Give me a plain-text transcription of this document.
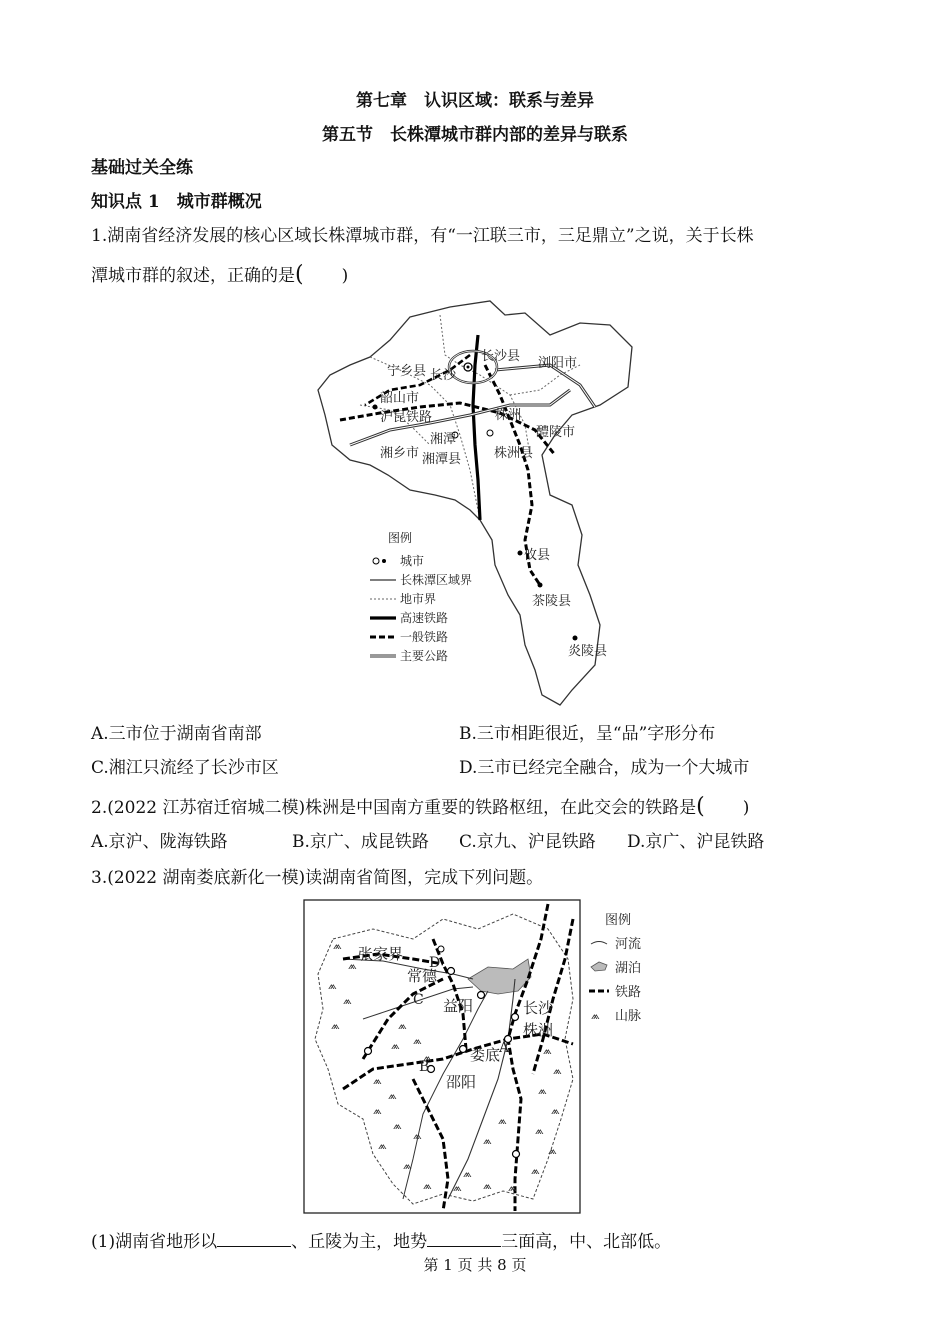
第七章　认识区域：联系与差异
第五节　长株潭城市群内部的差异与联系
基础过关全练
知识点 1　城市群概况
1.湖南省经济发展的核心区域长株潭城市群，有“一江联三市，三足鼎立”之说，关于长株
潭城市群的叙述，正确的是( )
长沙县 浏阳市
宁乡县 长沙
韶山市
沪昆铁路	株洲
醴陵市
湘潭
株洲县
湘乡市 湘潭县
攸县
茶陵县
炎陵县
图例
城市
长株潭区域界
地市界
高速铁路
一般铁路
主要公路
A.三市位于湖南省南部	B.三市相距很近，呈“品”字形分布
C.湘江只流经了长沙市区	D.三市已经完全融合，成为一个大城市
2.(2022 江苏宿迁宿城二模)株洲是中国南方重要的铁路枢纽，在此交会的铁路是( )
A.京沪、陇海铁路	B.京广、成昆铁路 C.京九、沪昆铁路 D.京广、沪昆铁路
3.(2022 湖南娄底新化一模)读湖南省简图，完成下列问题。
⩕
⩕
⩕
⩕
⩕	⩕
⩕
⩕
⩕
⩕
⩕
⩕
⩕
⩕
⩕
⩕
⩕
⩕
⩕
⩕
⩕
⩕
⩕
⩕
⩕
⩕
⩕
⩕
⩕
⩕
张家界
常德
益阳	长沙
株洲
娄底
邵阳
D
C
B
A
图例
河流
湖泊
铁路
⩕ 山脉
(1)湖南省地形以	、丘陵为主，地势	三面高，中、北部低。
第 1 页 共 8 页
